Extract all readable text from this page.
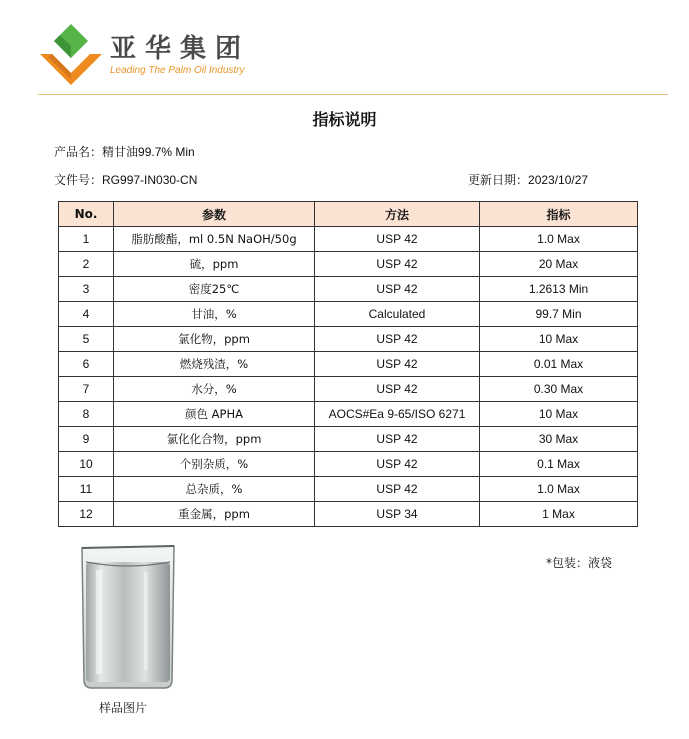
亚华集团
Leading The Palm Oil Industry
指标说明
产品名：精甘油99.7% Min
文件号：RG997-IN030-CN	更新日期：2023/10/27
No.	参数	方法	指标
1	脂肪酸酯，ml 0.5N NaOH/50g	USP 42	1.0 Max
2	硫，ppm	USP 42	20 Max
3	密度25℃	USP 42	1.2613 Min
4	甘油，%	Calculated	99.7 Min
5	氯化物，ppm	USP 42	10 Max
6	燃烧残渣，%	USP 42	0.01 Max
7	水分，%	USP 42	0.30 Max
8	颜色 APHA	AOCS#Ea 9-65/ISO 6271	10 Max
9	氯化化合物，ppm	USP 42	30 Max
10	个别杂质，%	USP 42	0.1 Max
11	总杂质，%	USP 42	1.0 Max
12	重金属，ppm	USP 34	1 Max
样品图片
*包装：液袋
